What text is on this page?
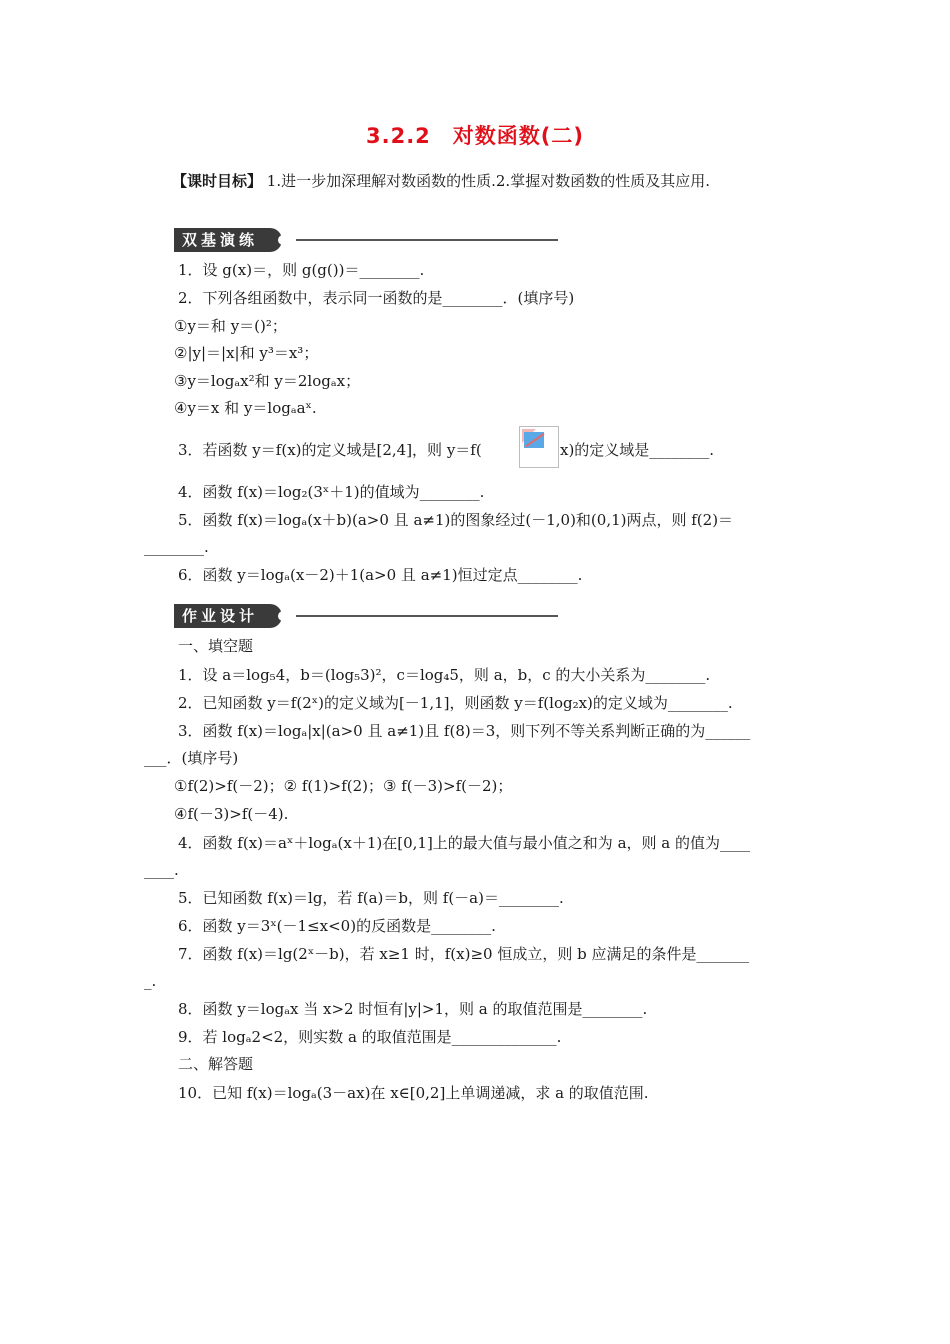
3.2.2　对数函数(二)
【课时目标】 1.进一步加深理解对数函数的性质.2.掌握对数函数的性质及其应用.
双基演练
1．设 g(x)＝，则 g(g())＝________.
2．下列各组函数中，表示同一函数的是________．(填序号)
①y＝和 y＝()²；
②|y|＝|x|和 y³＝x³；
③y＝logₐx²和 y＝2logₐx；
④y＝x 和 y＝logₐaˣ.
3．若函数 y＝f(x)的定义域是[2,4]，则 y＝f(	x)的定义域是________.
4．函数 f(x)＝log₂(3ˣ＋1)的值域为________.
5．函数 f(x)＝logₐ(x＋b)(a>0 且 a≠1)的图象经过(－1,0)和(0,1)两点，则 f(2)＝
________.
6．函数 y＝logₐ(x－2)＋1(a>0 且 a≠1)恒过定点________.
作业设计
一、填空题
1．设 a＝log₅4，b＝(log₅3)²，c＝log₄5，则 a，b，c 的大小关系为________.
2．已知函数 y＝f(2ˣ)的定义域为[－1,1]，则函数 y＝f(log₂x)的定义域为________.
3．函数 f(x)＝logₐ|x|(a>0 且 a≠1)且 f(8)＝3，则下列不等关系判断正确的为______
___．(填序号)
①f(2)>f(－2)；② f(1)>f(2)；③ f(－3)>f(－2)；
④f(－3)>f(－4).
4．函数 f(x)＝aˣ＋logₐ(x＋1)在[0,1]上的最大值与最小值之和为 a，则 a 的值为____
____.
5．已知函数 f(x)＝lg，若 f(a)＝b，则 f(－a)＝________.
6．函数 y＝3ˣ(－1≤x<0)的反函数是________.
7．函数 f(x)＝lg(2ˣ－b)，若 x≥1 时，f(x)≥0 恒成立，则 b 应满足的条件是_______
_.
8．函数 y＝logₐx 当 x>2 时恒有|y|>1，则 a 的取值范围是________.
9．若 logₐ2<2，则实数 a 的取值范围是______________.
二、解答题
10．已知 f(x)＝logₐ(3－ax)在 x∈[0,2]上单调递减，求 a 的取值范围.
